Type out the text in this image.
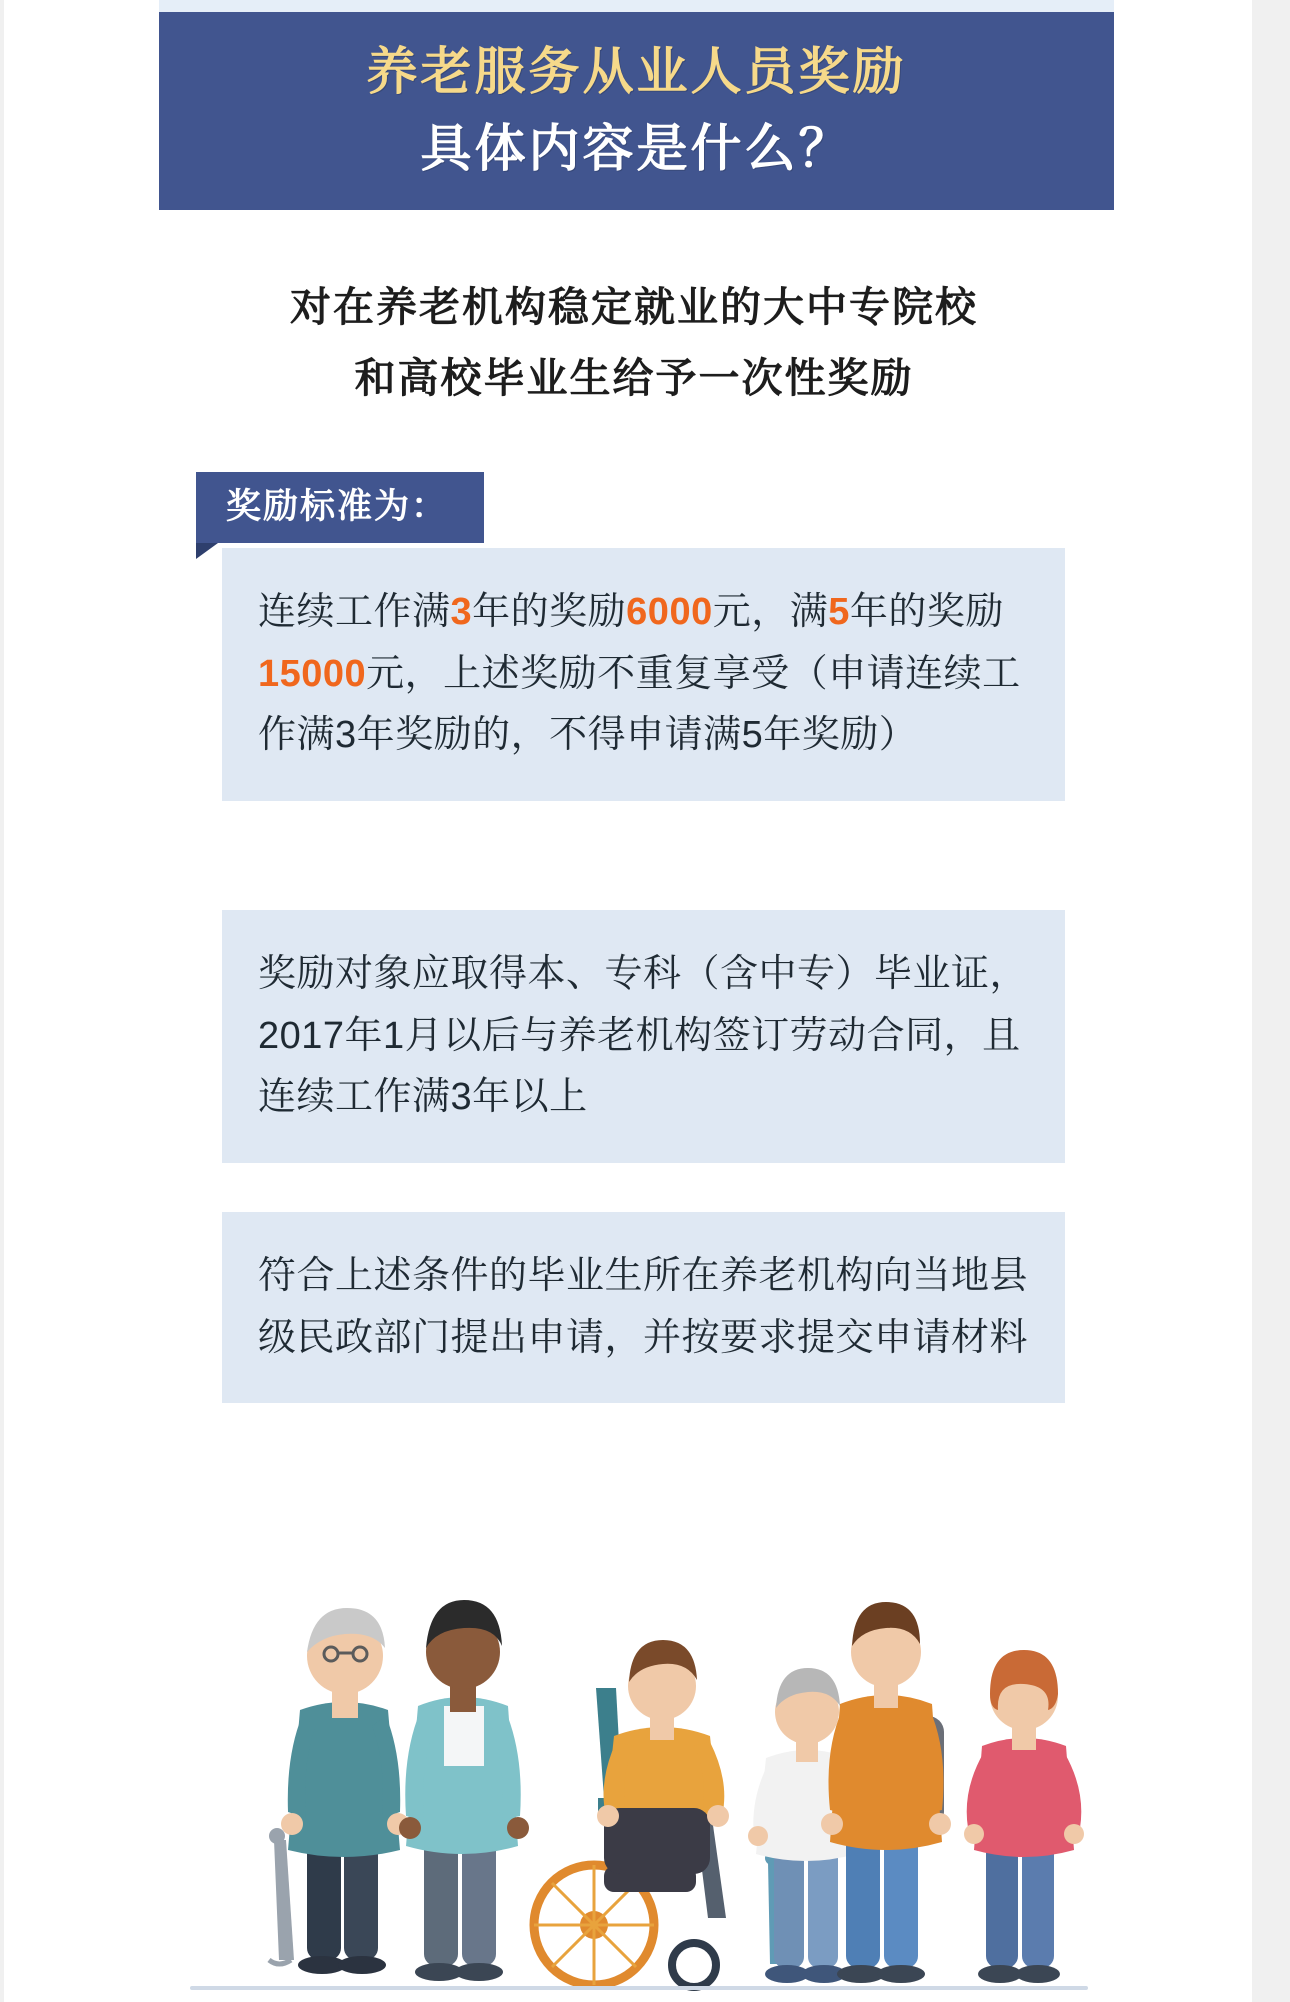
养老服务从业人员奖励
具体内容是什么？
对在养老机构稳定就业的大中专院校
和高校毕业生给予一次性奖励
奖励标准为：
连续工作满3年的奖励6000元，满5年的奖励15000元，上述奖励不重复享受（申请连续工作满3年奖励的，不得申请满5年奖励）
奖励对象应取得本、专科（含中专）毕业证，2017年1月以后与养老机构签订劳动合同，且连续工作满3年以上
符合上述条件的毕业生所在养老机构向当地县级民政部门提出申请，并按要求提交申请材料
